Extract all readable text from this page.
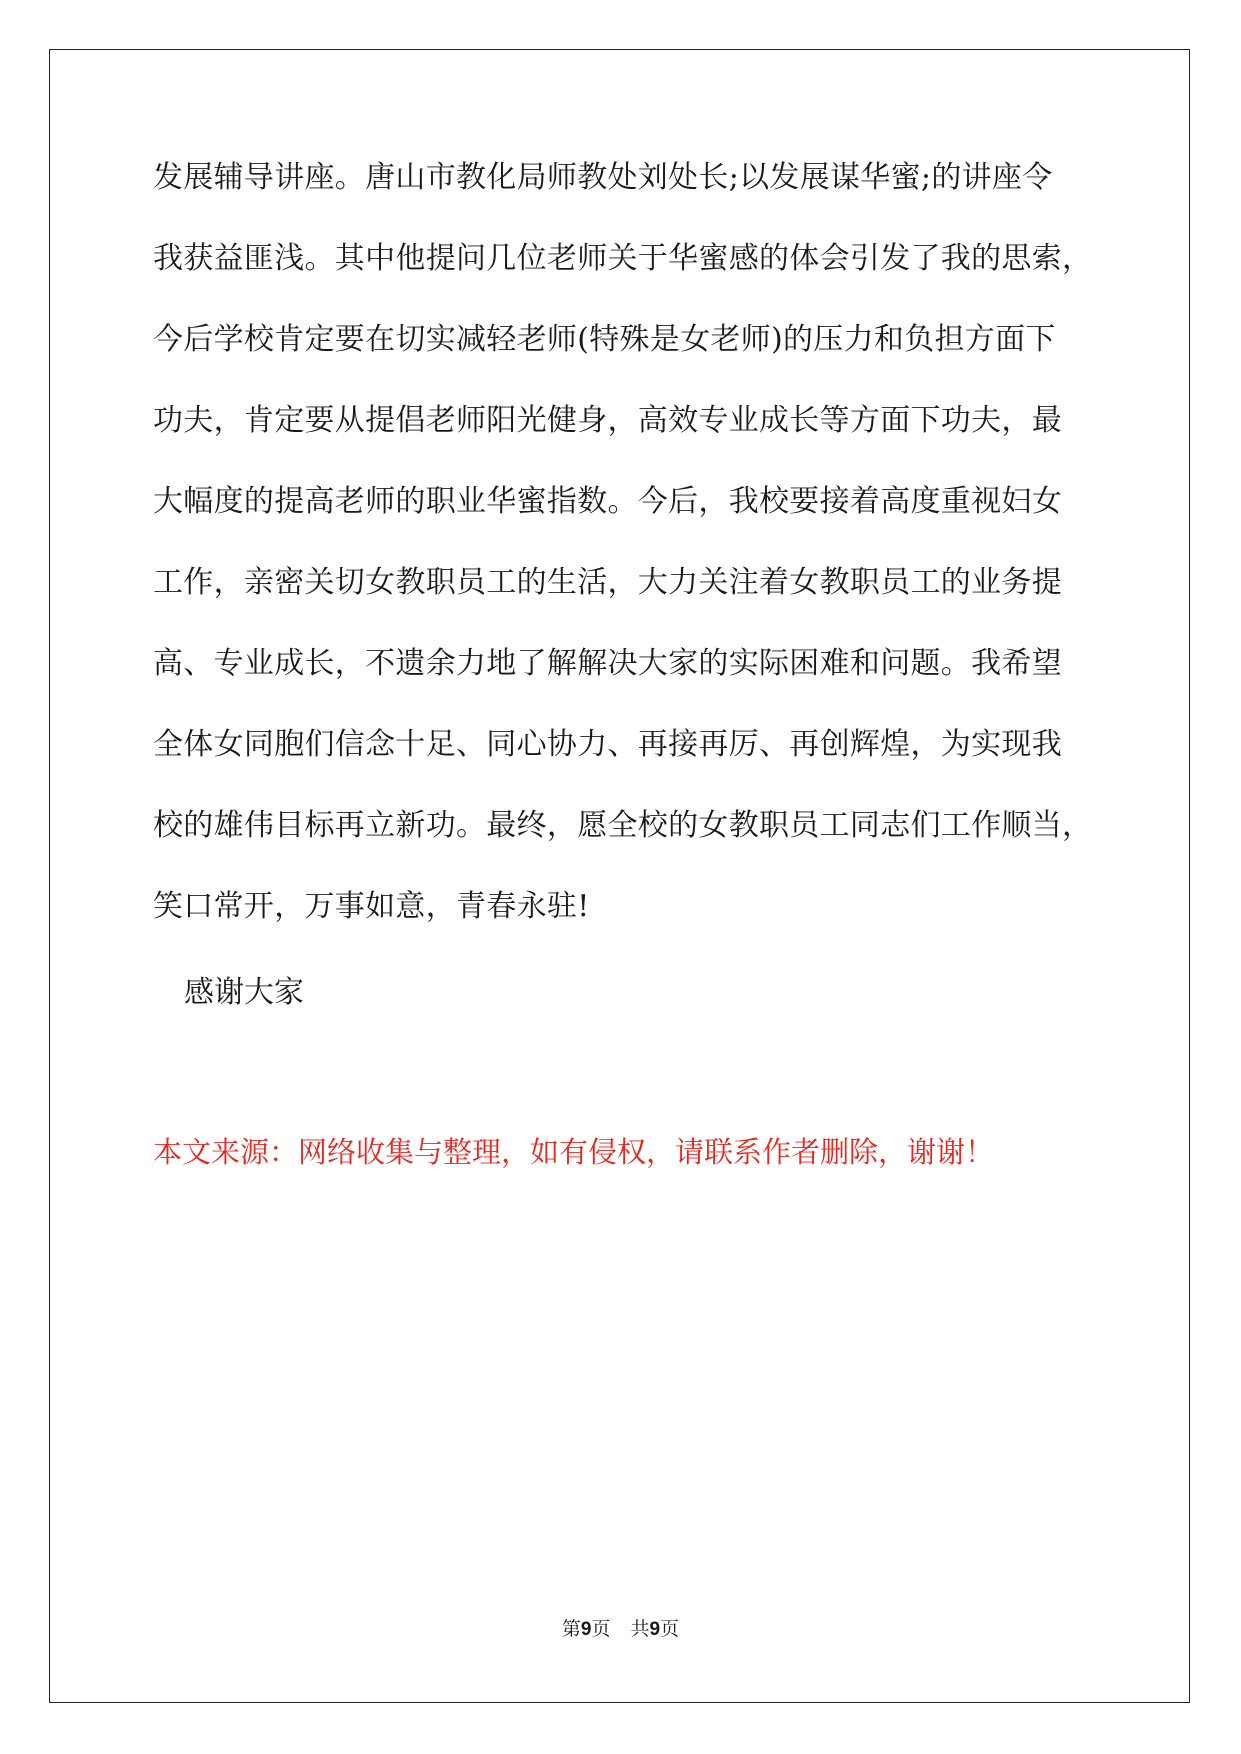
发展辅导讲座。唐山市教化局师教处刘处长;以发展谋华蜜;的讲座令
我获益匪浅。其中他提问几位老师关于华蜜感的体会引发了我的思索，
今后学校肯定要在切实减轻老师(特殊是女老师)的压力和负担方面下
功夫，肯定要从提倡老师阳光健身，高效专业成长等方面下功夫，最
大幅度的提高老师的职业华蜜指数。今后，我校要接着高度重视妇女
工作，亲密关切女教职员工的生活，大力关注着女教职员工的业务提
高、专业成长，不遗余力地了解解决大家的实际困难和问题。我希望
全体女同胞们信念十足、同心协力、再接再厉、再创辉煌，为实现我
校的雄伟目标再立新功。最终，愿全校的女教职员工同志们工作顺当，
笑口常开，万事如意，青春永驻!
感谢大家
本文来源：网络收集与整理，如有侵权，请联系作者删除，谢谢！
第9页 共9页
